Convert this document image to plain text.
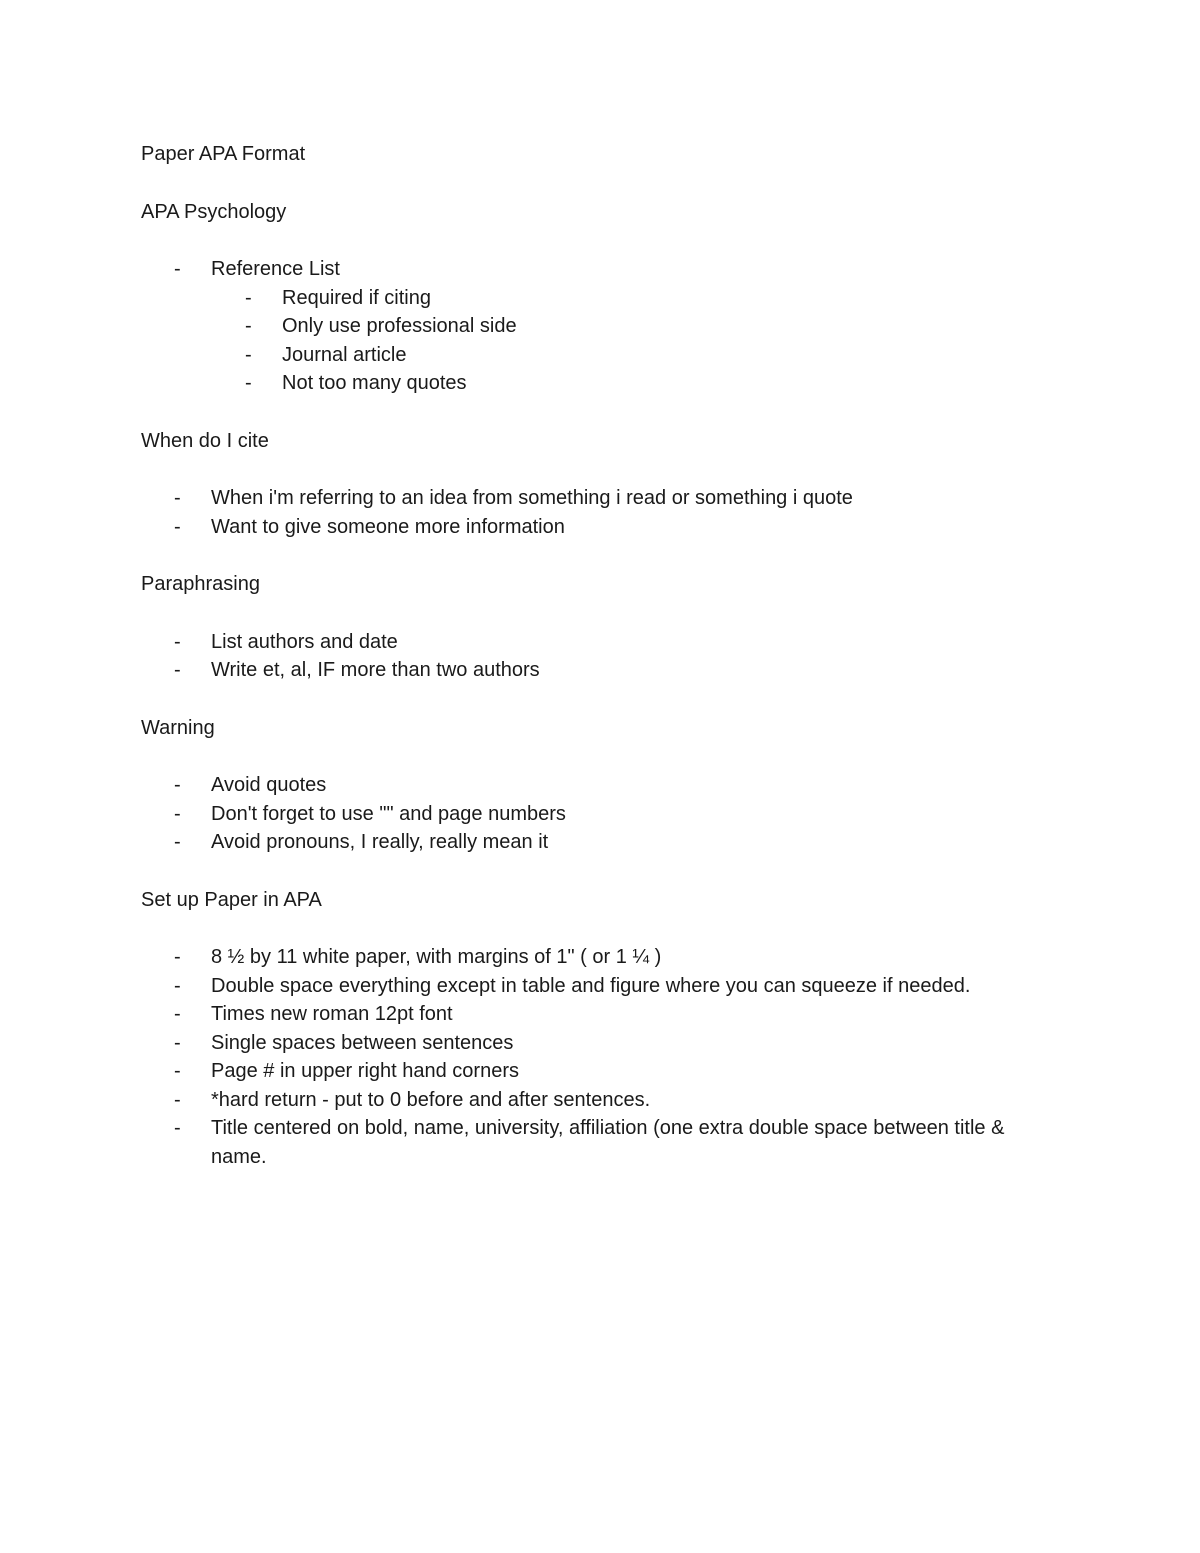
Paper APA Format

APA Psychology

- Reference List
- Required if citing
- Only use professional side
- Journal article
- Not too many quotes

When do I cite

- When i'm referring to an idea from something i read or something i quote
- Want to give someone more information

Paraphrasing

- List authors and date
- Write et, al, IF more than two authors

Warning

- Avoid quotes
- Don't forget to use "" and page numbers
- Avoid pronouns, I really, really mean it

Set up Paper in APA

- 8 ½ by 11 white paper, with margins of 1" ( or 1 ¼ )
- Double space everything except in table and figure where you can squeeze if needed.
- Times new roman 12pt font
- Single spaces between sentences
- Page # in upper right hand corners
- *hard return - put to 0 before and after sentences.
- Title centered on bold, name, university, affiliation (one extra double space between title & name.
